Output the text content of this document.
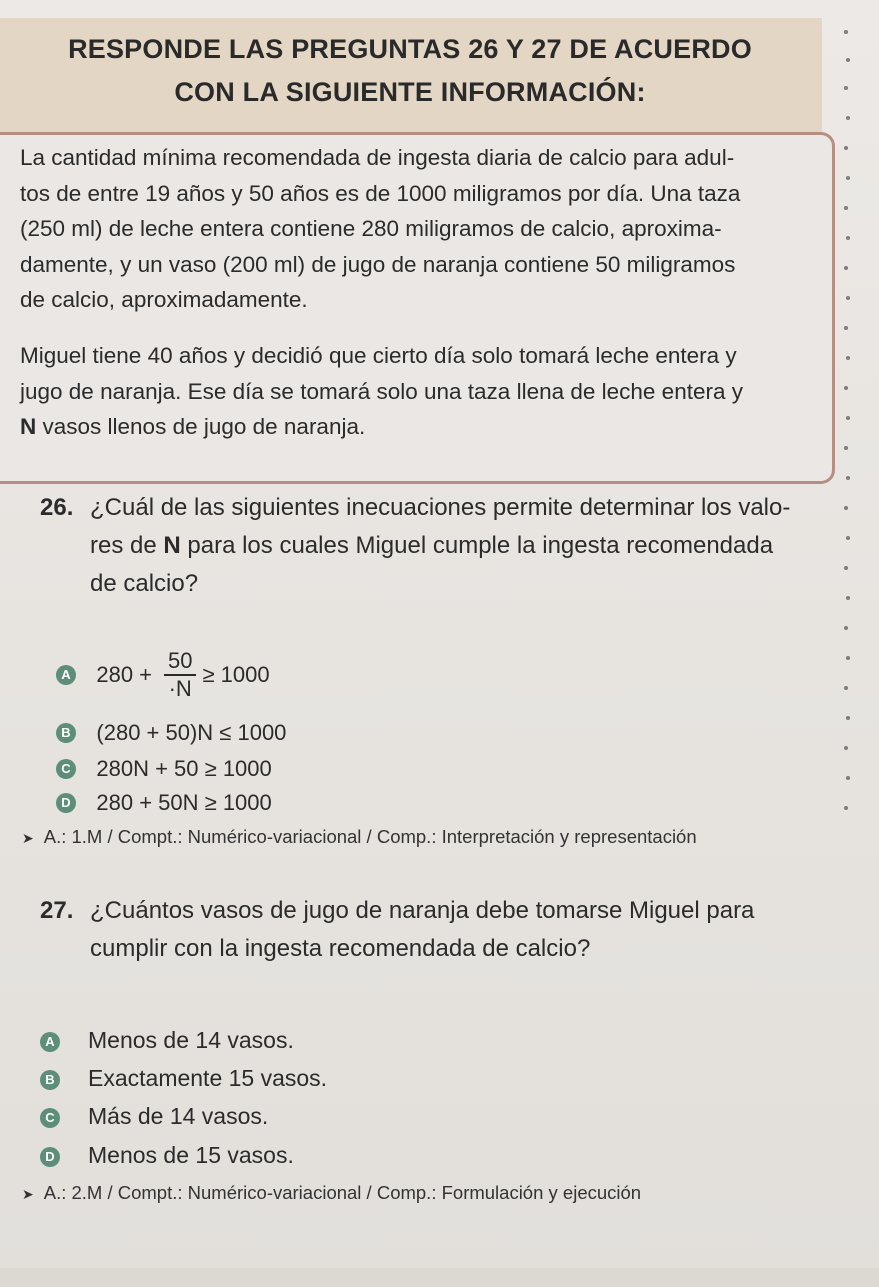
RESPONDE LAS PREGUNTAS 26 Y 27 DE ACUERDO
CON LA SIGUIENTE INFORMACIÓN:
La cantidad mínima recomendada de ingesta diaria de calcio para adul-
tos de entre 19 años y 50 años es de 1000 miligramos por día. Una taza
(250 ml) de leche entera contiene 280 miligramos de calcio, aproxima-
damente, y un vaso (200 ml) de jugo de naranja contiene 50 miligramos
de calcio, aproximadamente.
Miguel tiene 40 años y decidió que cierto día solo tomará leche entera y
jugo de naranja. Ese día se tomará solo una taza llena de leche entera y
N vasos llenos de jugo de naranja.
26. ¿Cuál de las siguientes inecuaciones permite determinar los valo-
res de N para los cuales Miguel cumple la ingesta recomendada
de calcio?
A $280 + \frac{50}{\cdot N} \ge 1000$
B (280 + 50)N ≤ 1000
C 280N + 50 ≥ 1000
D 280 + 50N ≥ 1000
➤ A.: 1.M / Compt.: Numérico-variacional / Comp.: Interpretación y representación
27. ¿Cuántos vasos de jugo de naranja debe tomarse Miguel para
cumplir con la ingesta recomendada de calcio?
A Menos de 14 vasos.
B Exactamente 15 vasos.
C Más de 14 vasos.
D Menos de 15 vasos.
➤ A.: 2.M / Compt.: Numérico-variacional / Comp.: Formulación y ejecución
